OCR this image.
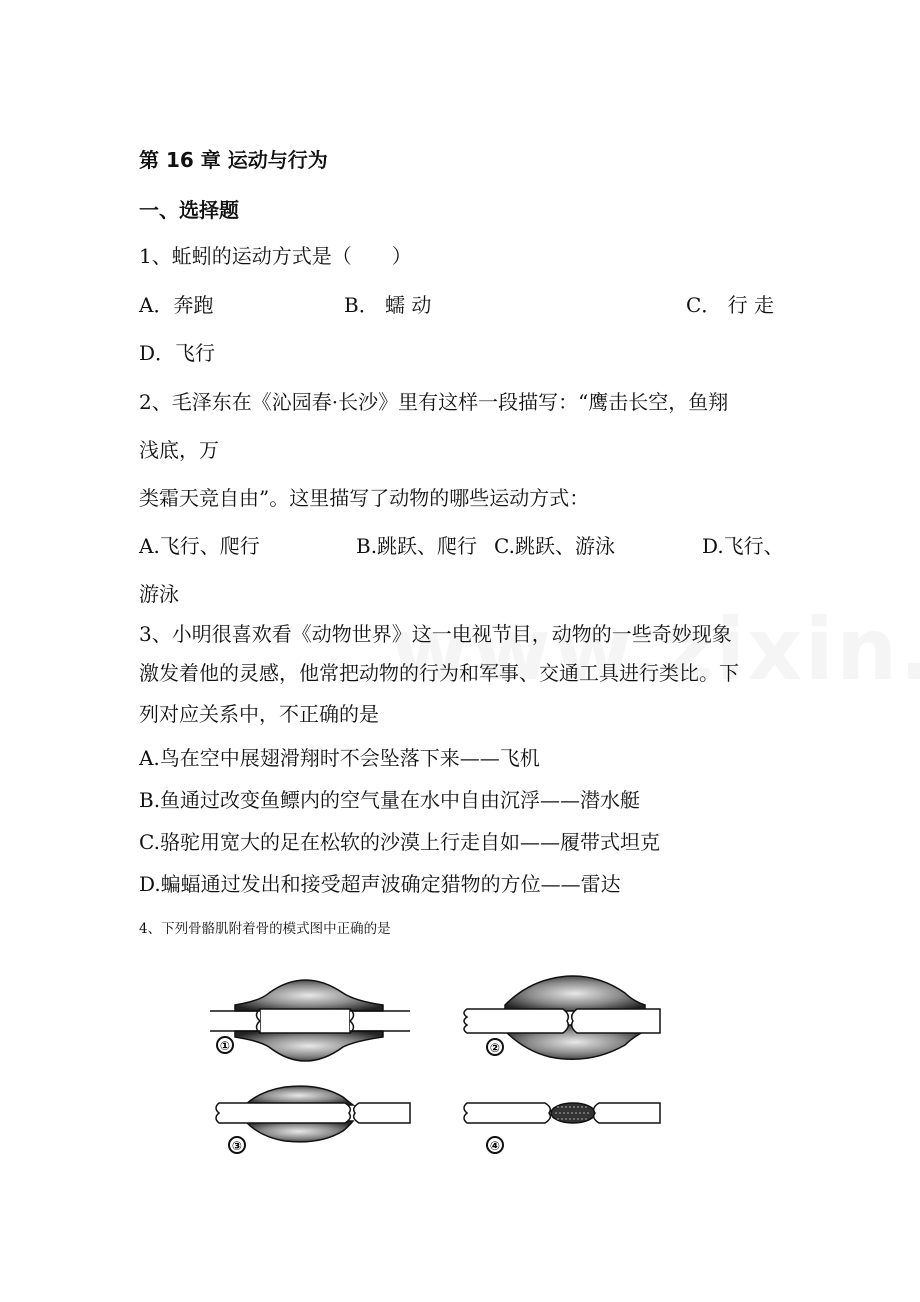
第 16 章 运动与行为
一、选择题
1、蚯蚓的运动方式是（　　）
A．奔跑	B． 蠕 动	C． 行 走
D．飞行
2、毛泽东在《沁园春·长沙》里有这样一段描写：“鹰击长空，鱼翔
浅底，万
类霜天竞自由”。这里描写了动物的哪些运动方式：
A.飞行、爬行	B.跳跃、爬行 C.跳跃、游泳	D.飞行、
游泳
3、小明很喜欢看《动物世界》这一电视节目，动物的一些奇妙现象
激发着他的灵感，他常把动物的行为和军事、交通工具进行类比。下
列对应关系中，不正确的是
A.鸟在空中展翅滑翔时不会坠落下来——飞机
B.鱼通过改变鱼鳔内的空气量在水中自由沉浮——潜水艇
C.骆驼用宽大的足在松软的沙漠上行走自如——履带式坦克
D.蝙蝠通过发出和接受超声波确定猎物的方位——雷达
4、下列骨骼肌附着骨的模式图中正确的是
①	②
③	④
